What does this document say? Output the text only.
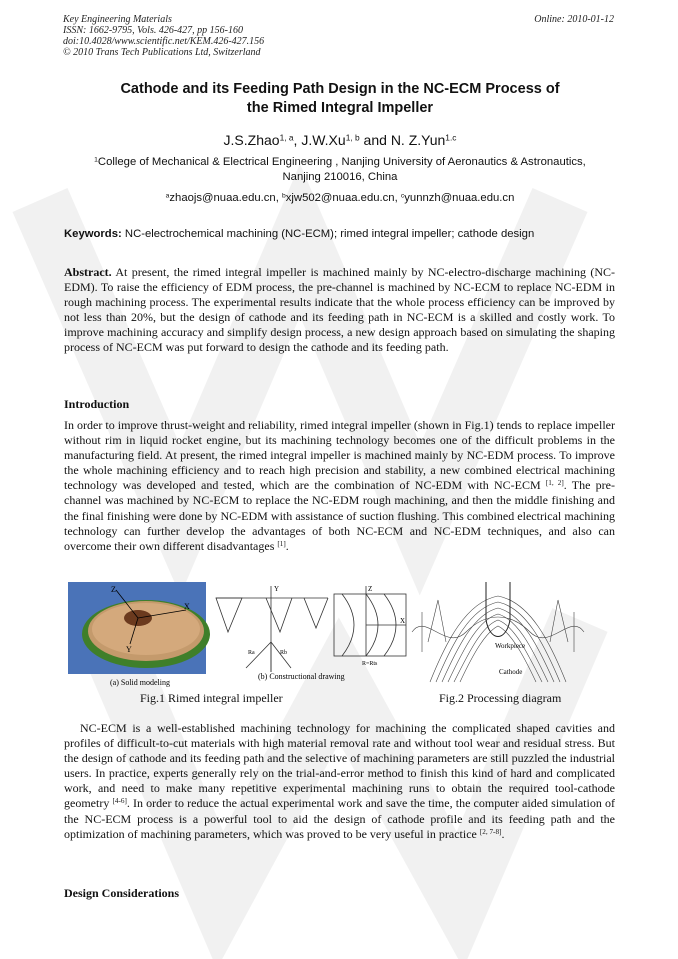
Key Engineering Materials
ISSN: 1662-9795, Vols. 426-427, pp 156-160
doi:10.4028/www.scientific.net/KEM.426-427.156
© 2010 Trans Tech Publications Ltd, Switzerland
Online: 2010-01-12
Cathode and its Feeding Path Design in the NC-ECM Process of
the Rimed Integral Impeller
J.S.Zhao$^{1, a}$, J.W.Xu$^{1, b}$ and N. Z.Yun$^{1.c}$
$^1$College of Mechanical & Electrical Engineering , Nanjing University of Aeronautics & Astronautics,
Nanjing 210016, China
$^a$zhaojs@nuaa.edu.cn, $^b$xjw502@nuaa.edu.cn, $^c$yunnzh@nuaa.edu.cn
Keywords: NC-electrochemical machining (NC-ECM); rimed integral impeller; cathode design
Abstract. At present, the rimed integral impeller is machined mainly by NC-electro-discharge machining (NC-EDM). To raise the efficiency of EDM process, the pre-channel is machined by NC-ECM to replace NC-EDM in rough machining process. The experimental results indicate that the whole process efficiency can be improved by not less than 20%, but the design of cathode and its feeding path in NC-ECM is a skilled and costly work. To improve machining accuracy and simplify design process, a new design approach based on simulating the shaping process of NC-ECM was put forward to design the cathode and its feeding path.
Introduction
In order to improve thrust-weight and reliability, rimed integral impeller (shown in Fig.1) tends to replace impeller without rim in liquid rocket engine, but its machining technology becomes one of the difficult problems in the manufacturing field. At present, the rimed integral impeller is machined mainly by NC-EDM process. To improve the whole machining efficiency and to reach high precision and stability, a new combined electrical machining technology was developed and tested, which are the combination of NC-EDM with NC-ECM [1, 2]. The pre-channel was machined by NC-ECM to replace the NC-EDM rough machining, and then the middle finishing and the final finishing were done by NC-EDM with assistance of suction flushing. This combined electrical machining technology can further develop the advantages of both NC-ECM and NC-EDM techniques, and also can overcome their own different disadvantages [1].
X
Z
Y
(a) Solid modeling
Y	Z
X
Ra	Rb
R=Rts
(b) Constructional drawing
Workpiece
Cathode
Fig.1 Rimed integral impeller	Fig.2 Processing diagram
NC-ECM is a well-established machining technology for machining the complicated shaped cavities and profiles of difficult-to-cut materials with high material removal rate and without tool wear and residual stress. But the design of cathode and its feeding path and the selective of machining parameters are still puzzled the industrial users. In practice, experts generally rely on the trial-and-error method to finish this kind of hard and complicated work, and need to make many repetitive experimental machining runs to obtain the required tool-cathode geometry [4-6]. In order to reduce the actual experimental work and save the time, the computer aided simulation of the NC-ECM process is a powerful tool to aid the design of cathode profile and its feeding path and the optimization of machining parameters, which was proved to be very useful in practice [2, 7-8].
Design Considerations
